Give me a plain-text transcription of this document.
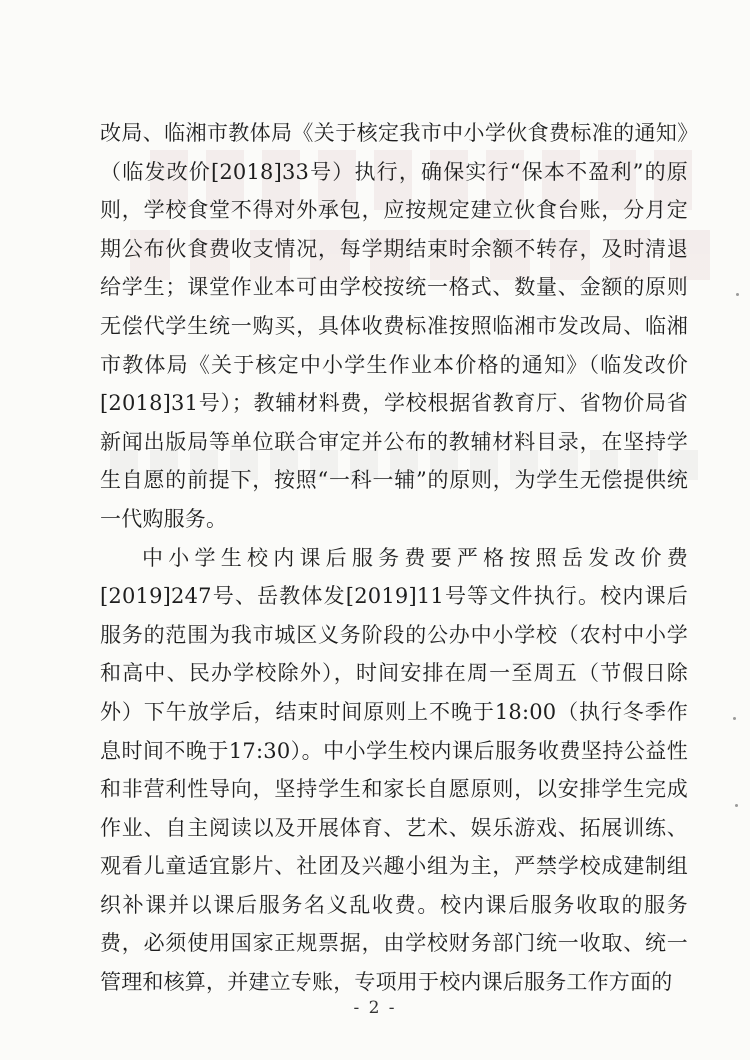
改局、临湘市教体局《关于核定我市中小学伙食费标准的通知》（临发改价[2018]33号）执行，确保实行“保本不盈利”的原则，学校食堂不得对外承包，应按规定建立伙食台账，分月定期公布伙食费收支情况，每学期结束时余额不转存，及时清退给学生；课堂作业本可由学校按统一格式、数量、金额的原则无偿代学生统一购买，具体收费标准按照临湘市发改局、临湘市教体局《关于核定中小学生作业本价格的通知》（临发改价[2018]31号）；教辅材料费，学校根据省教育厅、省物价局省新闻出版局等单位联合审定并公布的教辅材料目录，在坚持学生自愿的前提下，按照“一科一辅”的原则，为学生无偿提供统一代购服务。

中小学生校内课后服务费要严格按照岳发改价费[2019]247号、岳教体发[2019]11号等文件执行。校内课后服务的范围为我市城区义务阶段的公办中小学校（农村中小学和高中、民办学校除外），时间安排在周一至周五（节假日除外）下午放学后，结束时间原则上不晚于18:00（执行冬季作息时间不晚于17:30）。中小学生校内课后服务收费坚持公益性和非营利性导向，坚持学生和家长自愿原则，以安排学生完成作业、自主阅读以及开展体育、艺术、娱乐游戏、拓展训练、观看儿童适宜影片、社团及兴趣小组为主，严禁学校成建制组织补课并以课后服务名义乱收费。校内课后服务收取的服务费，必须使用国家正规票据，由学校财务部门统一收取、统一管理和核算，并建立专账，专项用于校内课后服务工作方面的

- 2 -
